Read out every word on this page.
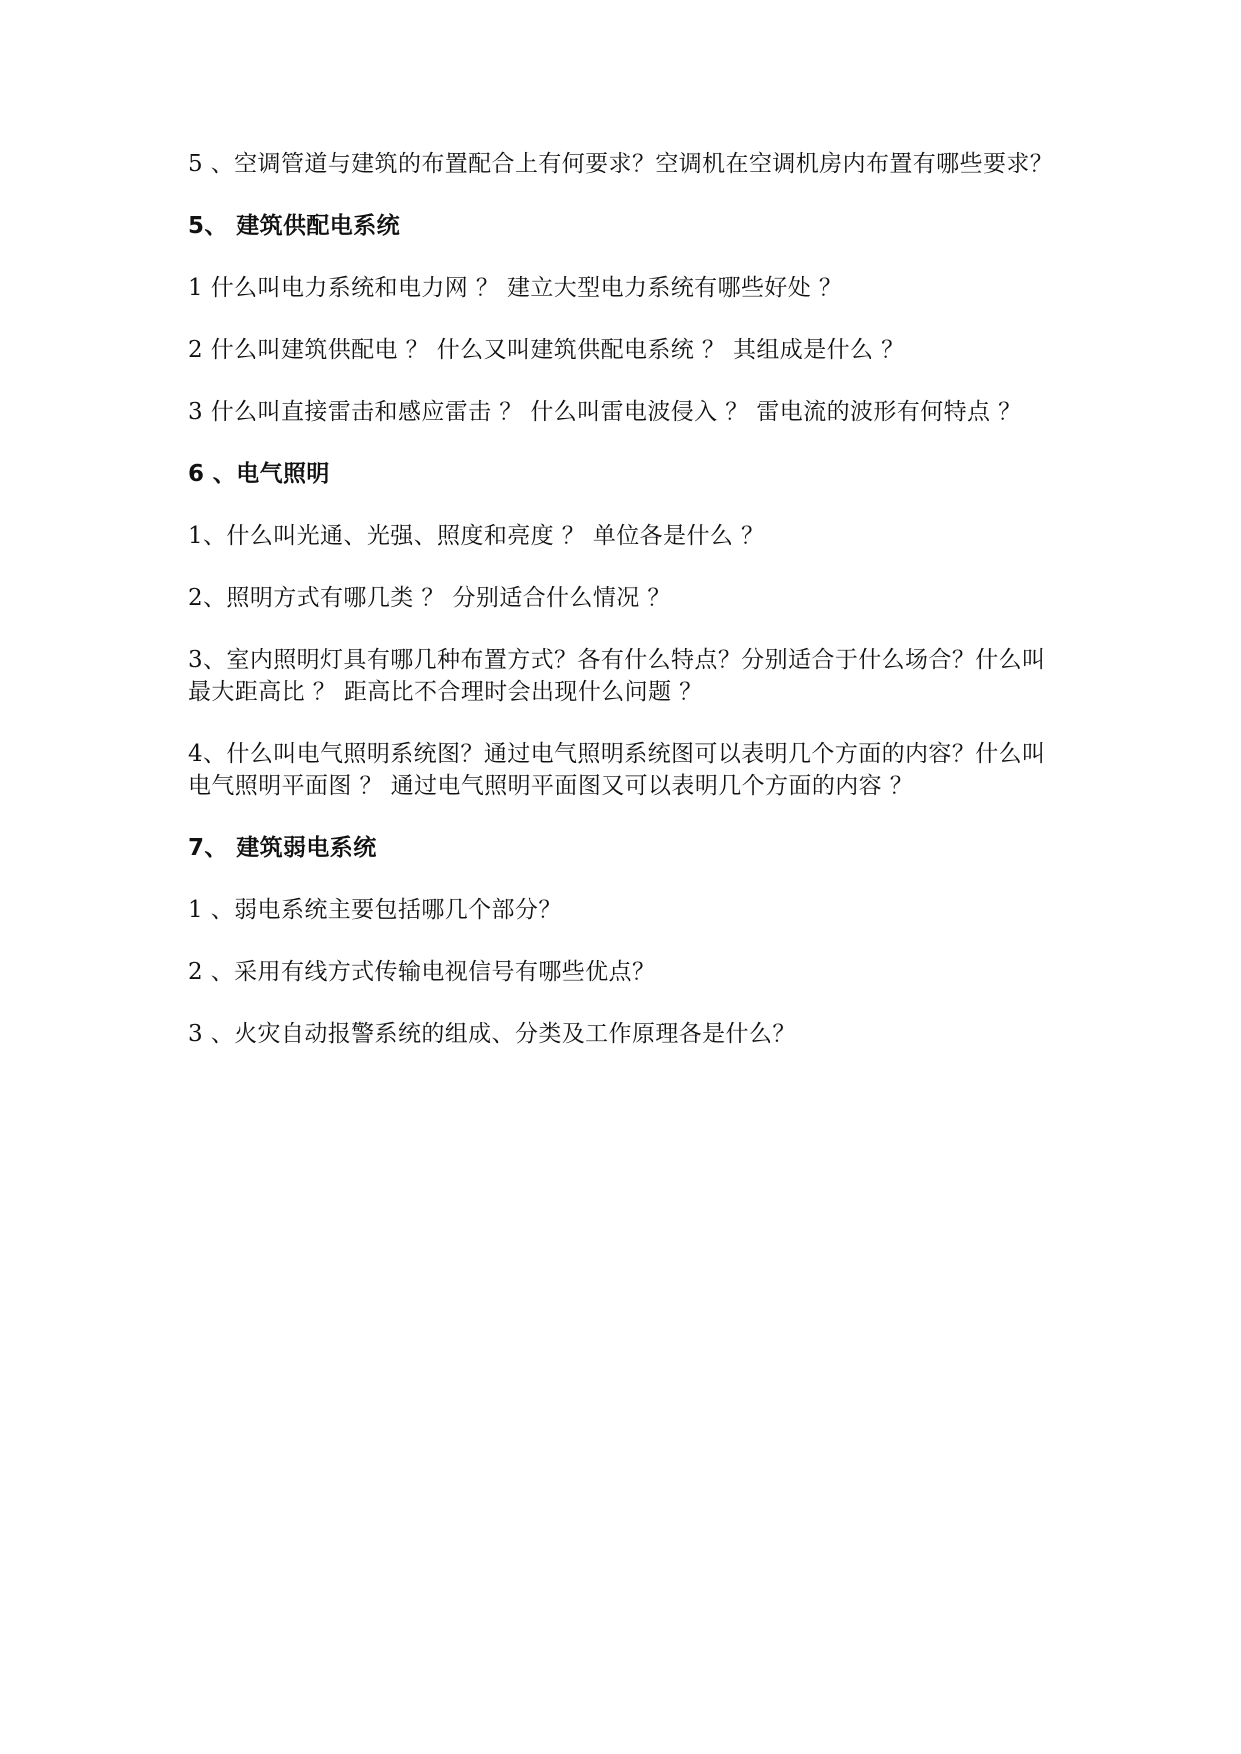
5 、空调管道与建筑的布置配合上有何要求？空调机在空调机房内布置有哪些要求？

5、 建筑供配电系统

1 什么叫电力系统和电力网 ？ 建立大型电力系统有哪些好处 ？

2 什么叫建筑供配电 ？ 什么又叫建筑供配电系统 ？ 其组成是什么 ？

3 什么叫直接雷击和感应雷击 ？ 什么叫雷电波侵入 ？ 雷电流的波形有何特点 ？

6 、电气照明

1、什么叫光通、光强、照度和亮度 ？ 单位各是什么 ？

2、照明方式有哪几类 ？ 分别适合什么情况 ？

3、室内照明灯具有哪几种布置方式？各有什么特点？分别适合于什么场合？什么叫最大距高比 ？ 距高比不合理时会出现什么问题 ？

4、什么叫电气照明系统图？通过电气照明系统图可以表明几个方面的内容？什么叫电气照明平面图 ？ 通过电气照明平面图又可以表明几个方面的内容 ？

7、 建筑弱电系统

1 、弱电系统主要包括哪几个部分？

2 、采用有线方式传输电视信号有哪些优点？

3 、火灾自动报警系统的组成、分类及工作原理各是什么？
